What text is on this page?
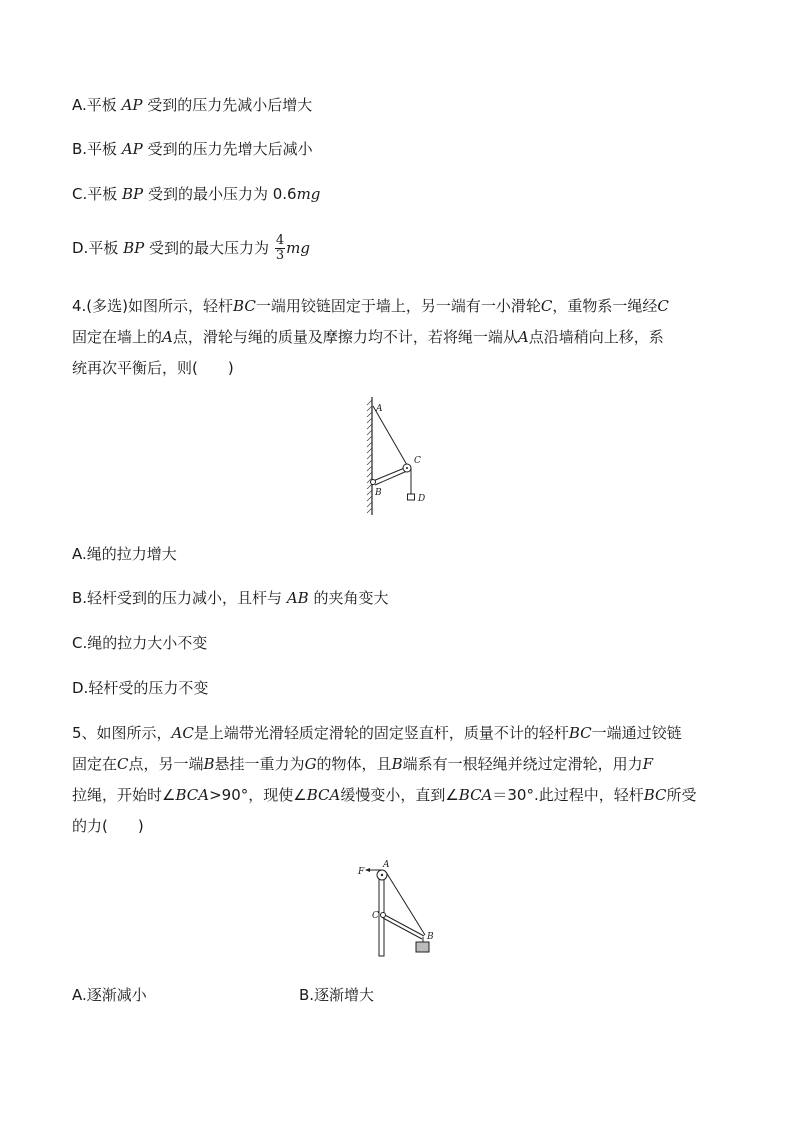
A.平板 AP 受到的压力先减小后增大
B.平板 AP 受到的压力先增大后减小
C.平板 BP 受到的最小压力为 0.6mg
D.平板 BP 受到的最大压力为 $\frac{4}{3}$ mg
4.(多选)如图所示，轻杆BC一端用铰链固定于墙上，另一端有一小滑轮C，重物系一绳经C
固定在墙上的A点，滑轮与绳的质量及摩擦力均不计，若将绳一端从A点沿墙稍向上移，系
统再次平衡后，则(　　)
A
C
B
D
A.绳的拉力增大
B.轻杆受到的压力减小，且杆与 AB 的夹角变大
C.绳的拉力大小不变
D.轻杆受的压力不变
5、如图所示，AC是上端带光滑轻质定滑轮的固定竖直杆，质量不计的轻杆BC一端通过铰链
固定在C点，另一端B悬挂一重力为G的物体，且B端系有一根轻绳并绕过定滑轮，用力F
拉绳，开始时∠BCA>90°，现使∠BCA缓慢变小，直到∠BCA＝30°.此过程中，轻杆BC所受
的力(　　)
F
A
C
B
A.逐渐减小	B.逐渐增大
